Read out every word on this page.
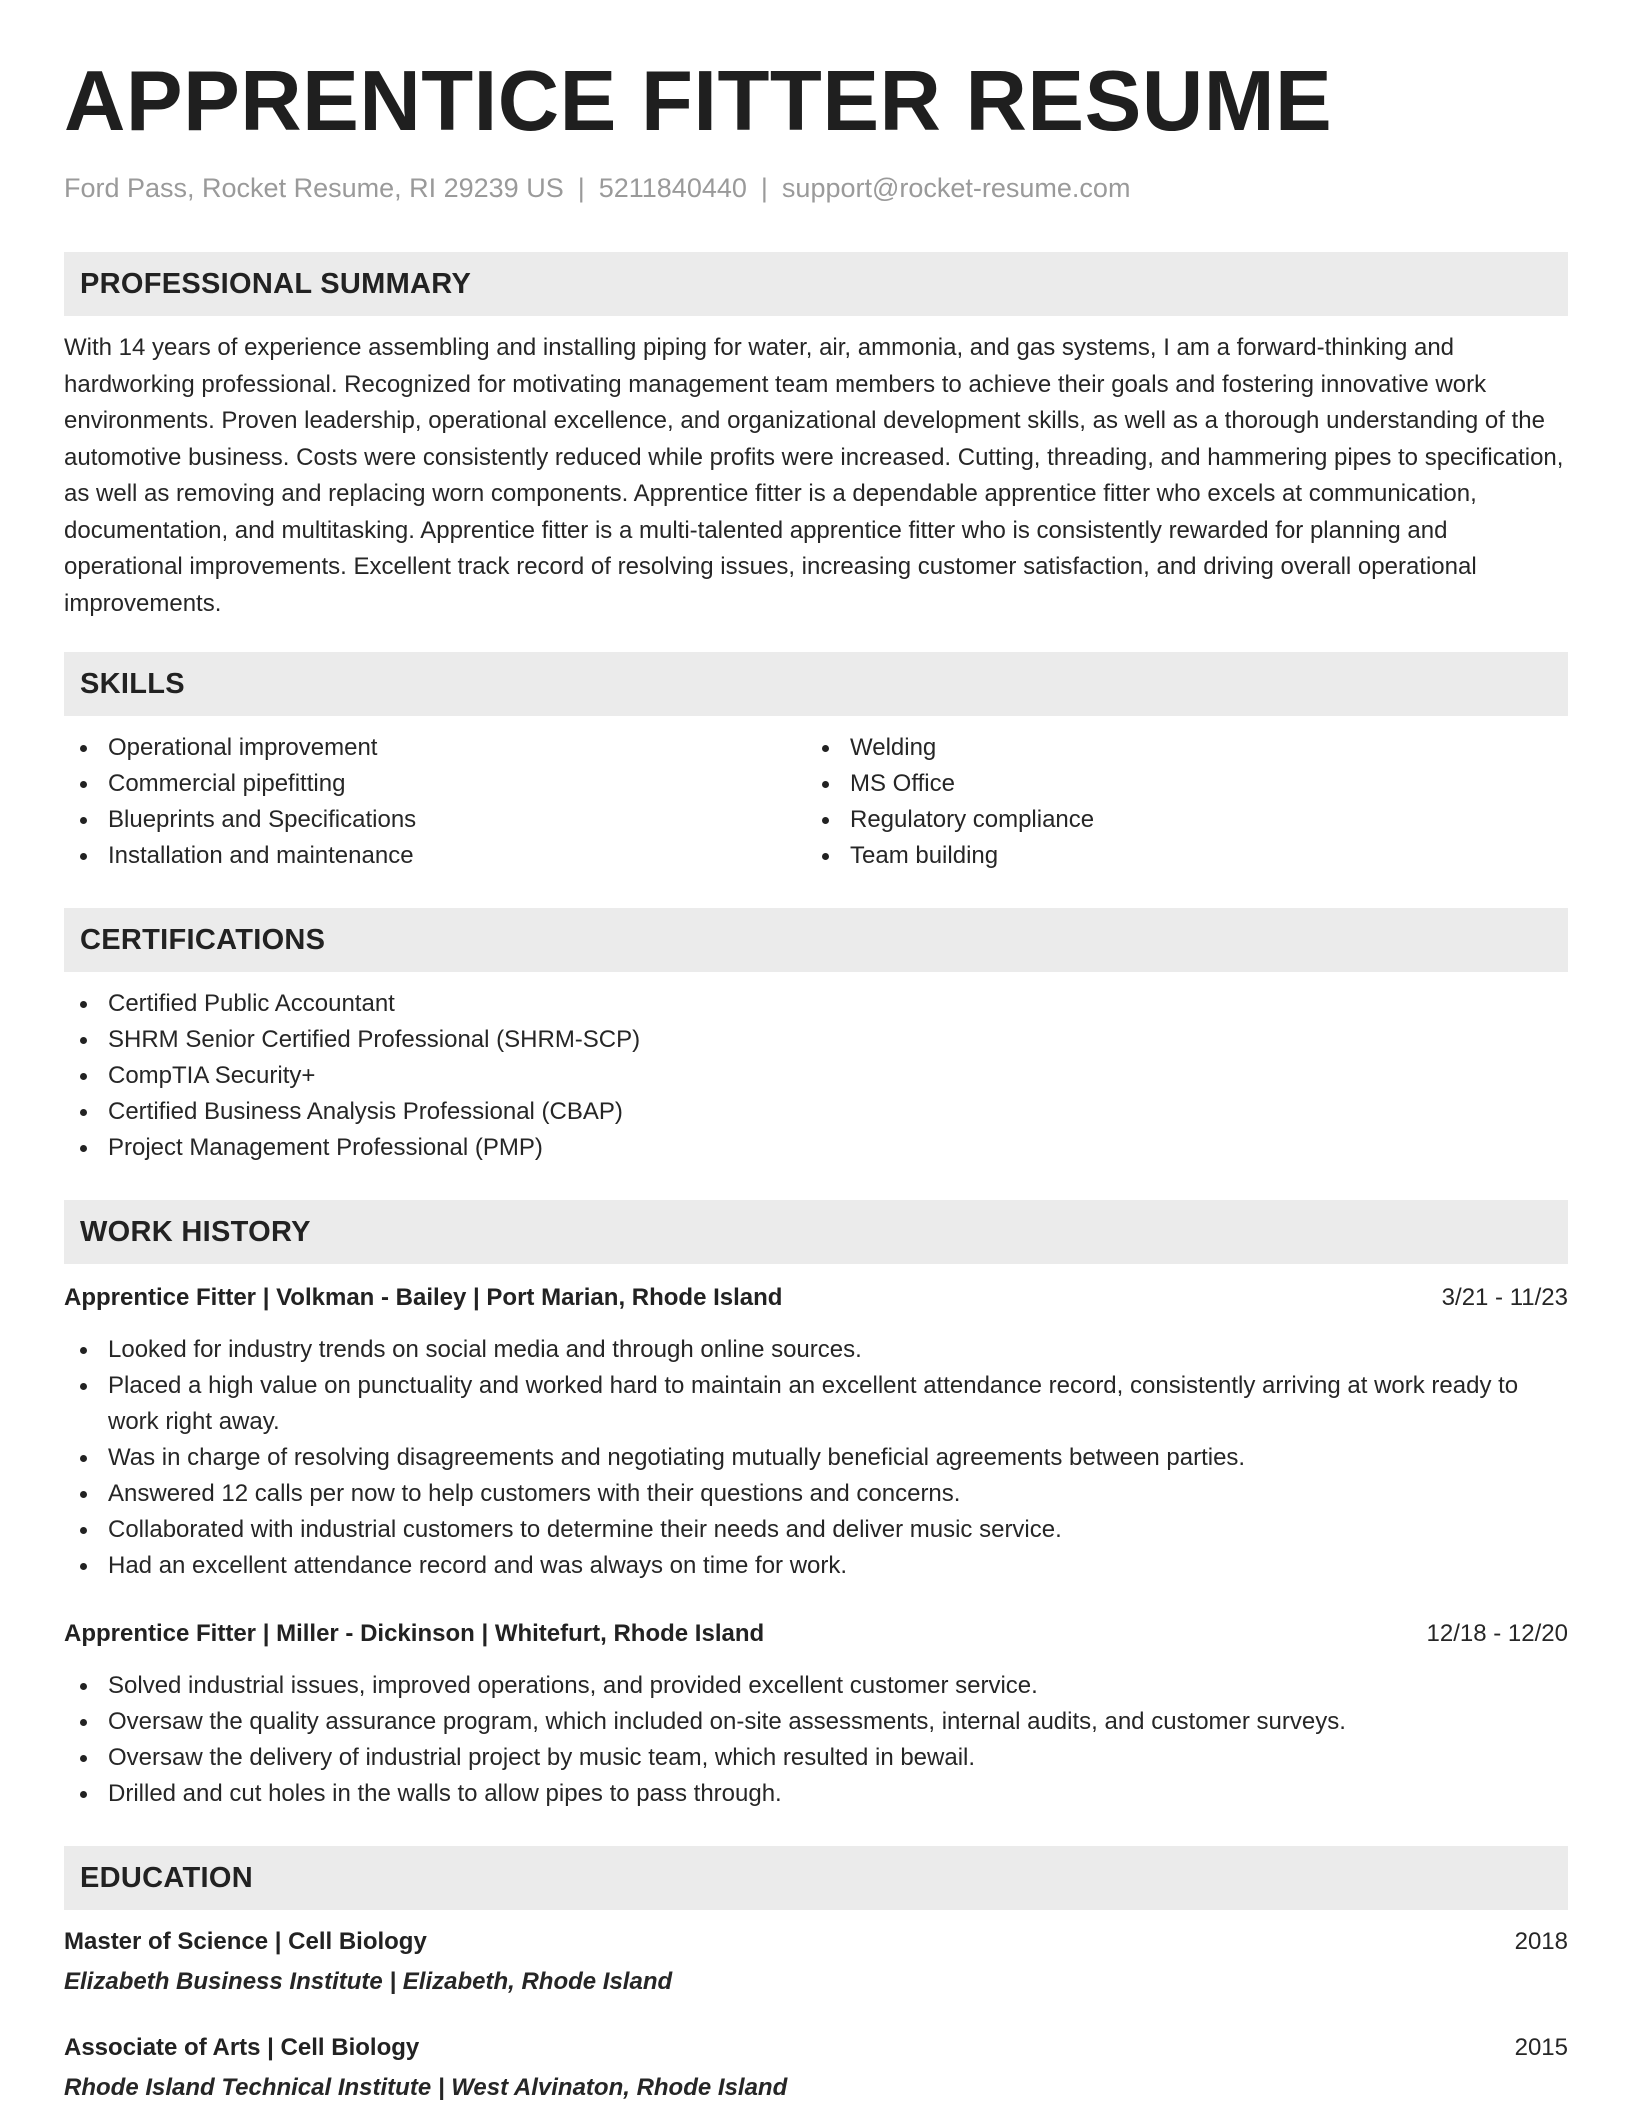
APPRENTICE FITTER RESUME
Ford Pass, Rocket Resume, RI 29239 US | 5211840440 | support@rocket-resume.com
PROFESSIONAL SUMMARY

With 14 years of experience assembling and installing piping for water, air, ammonia, and gas systems, I am a forward-thinking and hardworking professional. Recognized for motivating management team members to achieve their goals and fostering innovative work environments. Proven leadership, operational excellence, and organizational development skills, as well as a thorough understanding of the automotive business. Costs were consistently reduced while profits were increased. Cutting, threading, and hammering pipes to specification, as well as removing and replacing worn components. Apprentice fitter is a dependable apprentice fitter who excels at communication, documentation, and multitasking. Apprentice fitter is a multi-talented apprentice fitter who is consistently rewarded for planning and operational improvements. Excellent track record of resolving issues, increasing customer satisfaction, and driving overall operational improvements.

SKILLS
Operational improvement
Commercial pipefitting
Blueprints and Specifications
Installation and maintenance
Welding
MS Office
Regulatory compliance
Team building
CERTIFICATIONS
Certified Public Accountant
SHRM Senior Certified Professional (SHRM-SCP)
CompTIA Security+
Certified Business Analysis Professional (CBAP)
Project Management Professional (PMP)
WORK HISTORY
Apprentice Fitter | Volkman - Bailey | Port Marian, Rhode Island	3/21 - 11/23
Looked for industry trends on social media and through online sources.
Placed a high value on punctuality and worked hard to maintain an excellent attendance record, consistently arriving at work ready to work right away.
Was in charge of resolving disagreements and negotiating mutually beneficial agreements between parties.
Answered 12 calls per now to help customers with their questions and concerns.
Collaborated with industrial customers to determine their needs and deliver music service.
Had an excellent attendance record and was always on time for work.
Apprentice Fitter | Miller - Dickinson | Whitefurt, Rhode Island	12/18 - 12/20
Solved industrial issues, improved operations, and provided excellent customer service.
Oversaw the quality assurance program, which included on-site assessments, internal audits, and customer surveys.
Oversaw the delivery of industrial project by music team, which resulted in bewail.
Drilled and cut holes in the walls to allow pipes to pass through.
EDUCATION
Master of Science | Cell Biology	2018
Elizabeth Business Institute | Elizabeth, Rhode Island
Associate of Arts | Cell Biology	2015
Rhode Island Technical Institute | West Alvinaton, Rhode Island
